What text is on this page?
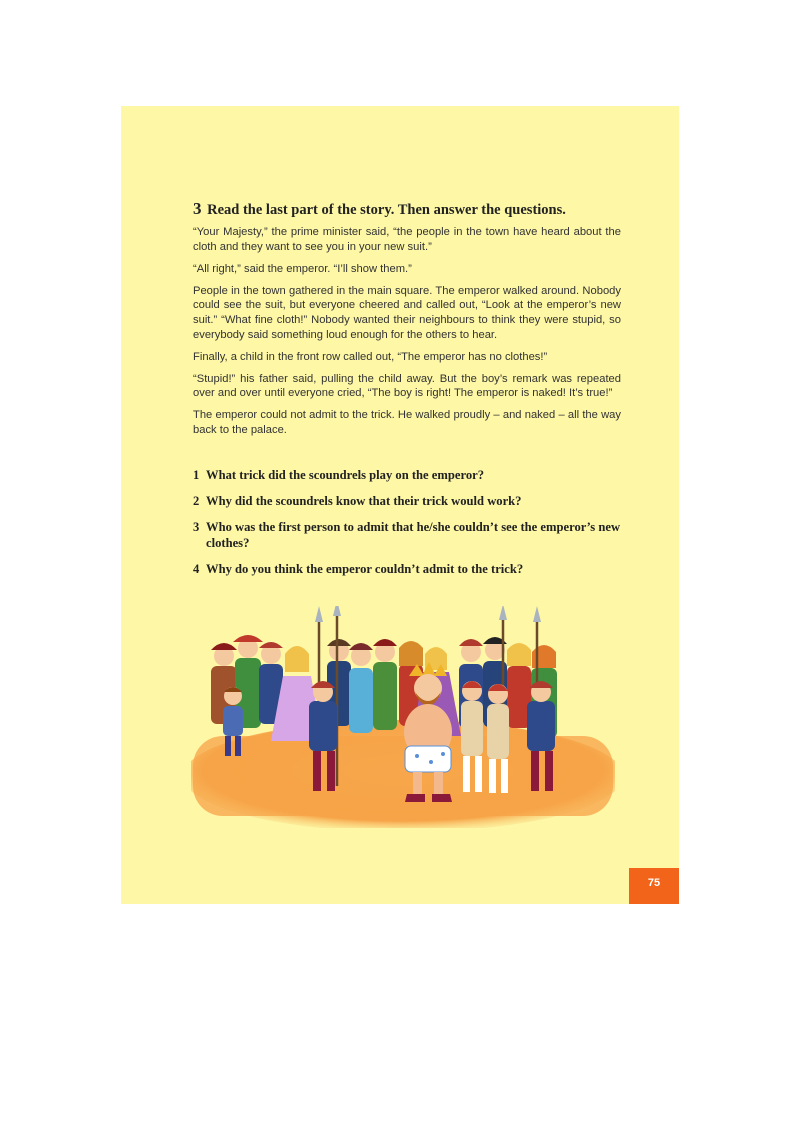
3 Read the last part of the story. Then answer the questions.

“Your Majesty,” the prime minister said, “the people in the town have heard about the cloth and they want to see you in your new suit.”

“All right,” said the emperor. “I’ll show them.”

People in the town gathered in the main square. The emperor walked around. Nobody could see the suit, but everyone cheered and called out, “Look at the emperor’s new suit.” “What fine cloth!” Nobody wanted their neighbours to think they were stupid, so everybody said something loud enough for the others to hear.

Finally, a child in the front row called out, “The emperor has no clothes!”

“Stupid!” his father said, pulling the child away. But the boy’s remark was repeated over and over until everyone cried, “The boy is right! The emperor is naked! It’s true!”

The emperor could not admit to the trick. He walked proudly – and naked – all the way back to the palace.

1 What trick did the scoundrels play on the emperor?
2 Why did the scoundrels know that their trick would work?
3 Who was the first person to admit that he/she couldn’t see the emperor’s new clothes?
4 Why do you think the emperor couldn’t admit to the trick?
75
